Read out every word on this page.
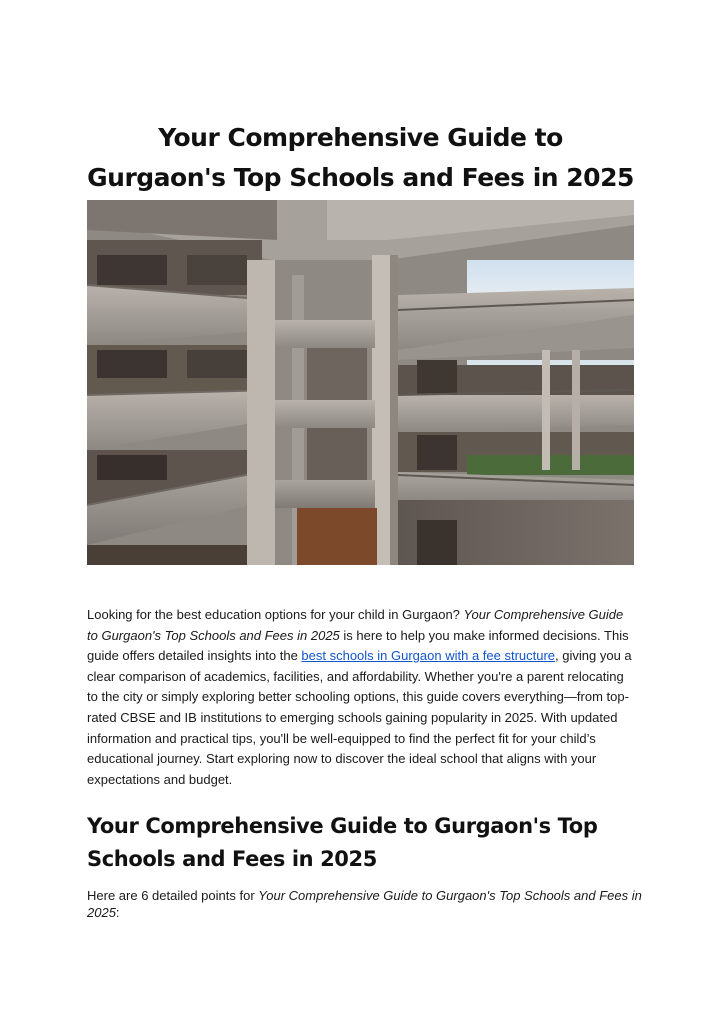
Your Comprehensive Guide to Gurgaon's Top Schools and Fees in 2025

Looking for the best education options for your child in Gurgaon? Your Comprehensive Guide to Gurgaon's Top Schools and Fees in 2025 is here to help you make informed decisions. This guide offers detailed insights into the best schools in Gurgaon with a fee structure, giving you a clear comparison of academics, facilities, and affordability. Whether you're a parent relocating to the city or simply exploring better schooling options, this guide covers everything—from top-rated CBSE and IB institutions to emerging schools gaining popularity in 2025. With updated information and practical tips, you'll be well-equipped to find the perfect fit for your child’s educational journey. Start exploring now to discover the ideal school that aligns with your expectations and budget.

Your Comprehensive Guide to Gurgaon's Top Schools and Fees in 2025

Here are 6 detailed points for Your Comprehensive Guide to Gurgaon's Top Schools and Fees in 2025:
